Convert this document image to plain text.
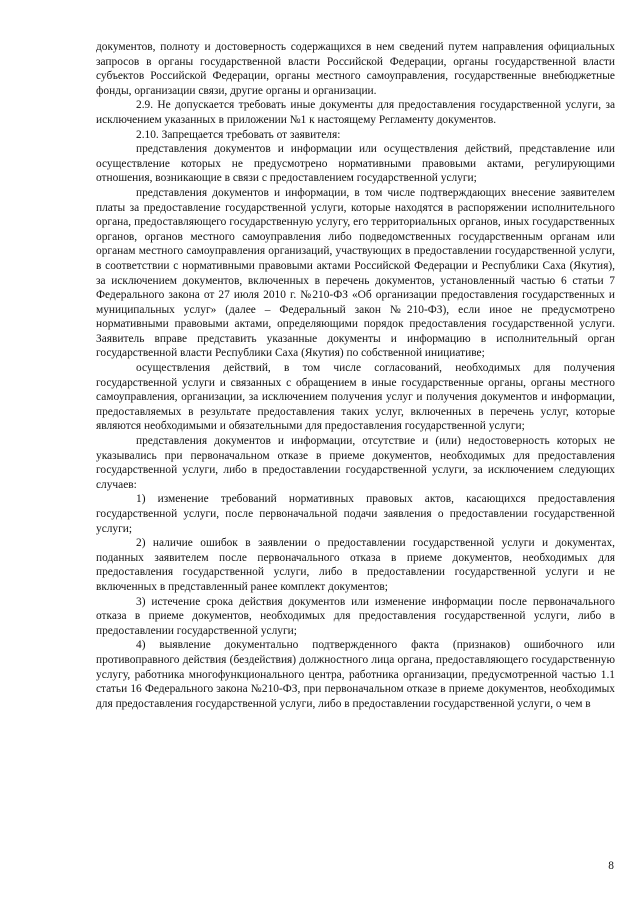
документов, полноту и достоверность содержащихся в нем сведений путем направления официальных запросов в органы государственной власти Российской Федерации, органы государственной власти субъектов Российской Федерации, органы местного самоуправления, государственные внебюджетные фонды, организации связи, другие органы и организации.

2.9. Не допускается требовать иные документы для предоставления государственной услуги, за исключением указанных в приложении №1 к настоящему Регламенту документов.

2.10. Запрещается требовать от заявителя:

представления документов и информации или осуществления действий, представление или осуществление которых не предусмотрено нормативными правовыми актами, регулирующими отношения, возникающие в связи с предоставлением государственной услуги;

представления документов и информации, в том числе подтверждающих внесение заявителем платы за предоставление государственной услуги, которые находятся в распоряжении исполнительного органа, предоставляющего государственную услугу, его территориальных органов, иных государственных органов, органов местного самоуправления либо подведомственных государственным органам или органам местного самоуправления организаций, участвующих в предоставлении государственной услуги, в соответствии с нормативными правовыми актами Российской Федерации и Республики Саха (Якутия), за исключением документов, включенных в перечень документов, установленный частью 6 статьи 7 Федерального закона от 27 июля 2010 г. №210-ФЗ «Об организации предоставления государственных и муниципальных услуг» (далее – Федеральный закон №210-ФЗ), если иное не предусмотрено нормативными правовыми актами, определяющими порядок предоставления государственной услуги. Заявитель вправе представить указанные документы и информацию в исполнительный орган государственной власти Республики Саха (Якутия) по собственной инициативе;

осуществления действий, в том числе согласований, необходимых для получения государственной услуги и связанных с обращением в иные государственные органы, органы местного самоуправления, организации, за исключением получения услуг и получения документов и информации, предоставляемых в результате предоставления таких услуг, включенных в перечень услуг, которые являются необходимыми и обязательными для предоставления государственной услуги;

представления документов и информации, отсутствие и (или) недостоверность которых не указывались при первоначальном отказе в приеме документов, необходимых для предоставления государственной услуги, либо в предоставлении государственной услуги, за исключением следующих случаев:

1) изменение требований нормативных правовых актов, касающихся предоставления государственной услуги, после первоначальной подачи заявления о предоставлении государственной услуги;

2) наличие ошибок в заявлении о предоставлении государственной услуги и документах, поданных заявителем после первоначального отказа в приеме документов, необходимых для предоставления государственной услуги, либо в предоставлении государственной услуги и не включенных в представленный ранее комплект документов;

3) истечение срока действия документов или изменение информации после первоначального отказа в приеме документов, необходимых для предоставления государственной услуги, либо в предоставлении государственной услуги;

4) выявление документально подтвержденного факта (признаков) ошибочного или противоправного действия (бездействия) должностного лица органа, предоставляющего государственную услугу, работника многофункционального центра, работника организации, предусмотренной частью 1.1 статьи 16 Федерального закона №210-ФЗ, при первоначальном отказе в приеме документов, необходимых для предоставления государственной услуги, либо в предоставлении государственной услуги, о чем в

8
